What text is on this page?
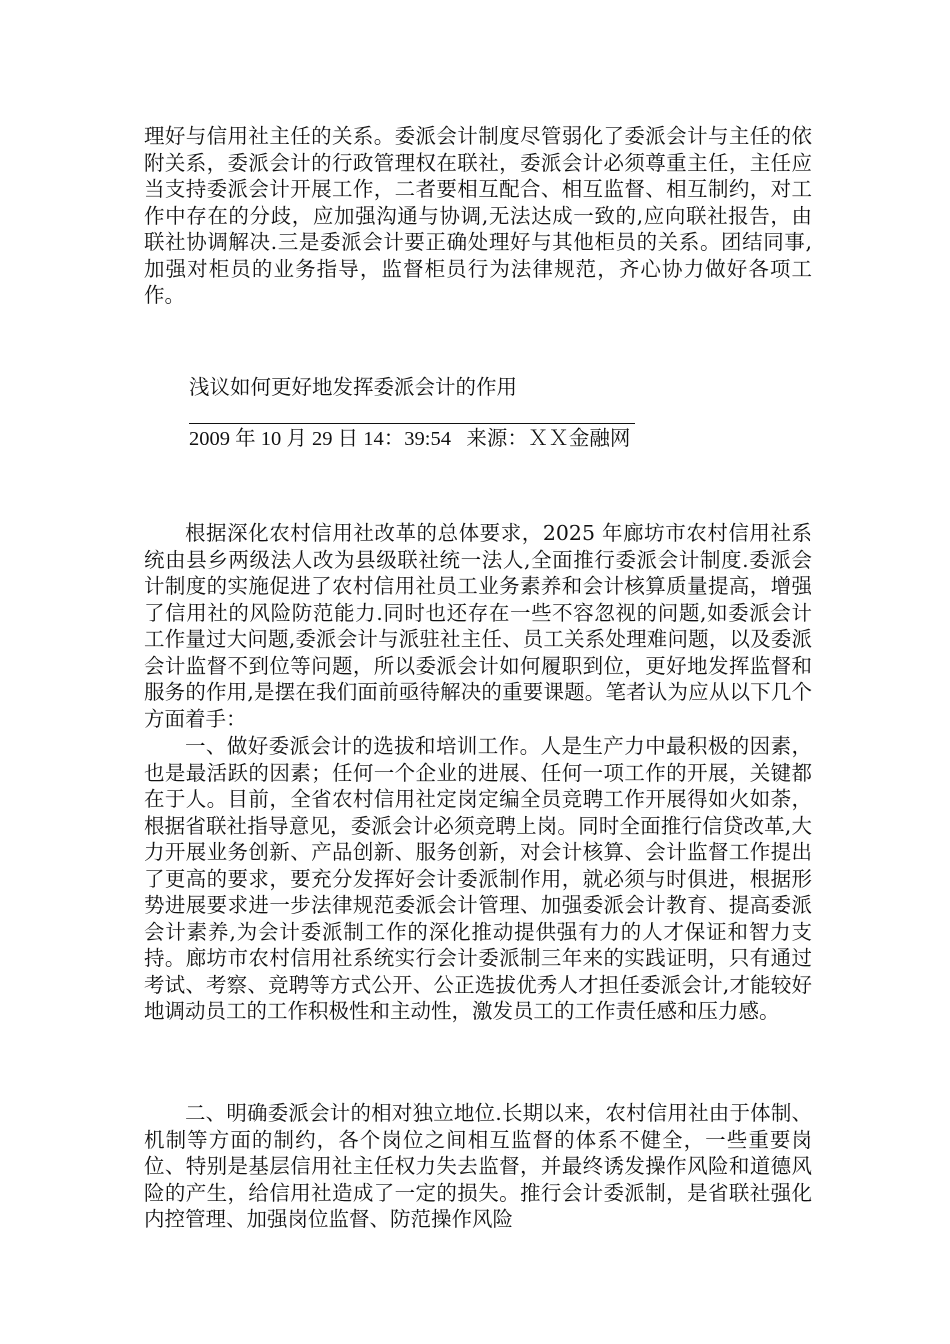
理好与信用社主任的关系。委派会计制度尽管弱化了委派会计与主任的依附关系，委派会计的行政管理权在联社，委派会计必须尊重主任，主任应当支持委派会计开展工作，二者要相互配合、相互监督、相互制约，对工作中存在的分歧，应加强沟通与协调,无法达成一致的,应向联社报告，由联社协调解决.三是委派会计要正确处理好与其他柜员的关系。团结同事,加强对柜员的业务指导，监督柜员行为法律规范，齐心协力做好各项工作。

浅议如何更好地发挥委派会计的作用

2009 年 10 月 29 日 14：39:54 来源：ＸＸ金融网

根据深化农村信用社改革的总体要求，2025 年廊坊市农村信用社系统由县乡两级法人改为县级联社统一法人,全面推行委派会计制度.委派会计制度的实施促进了农村信用社员工业务素养和会计核算质量提高，增强了信用社的风险防范能力.同时也还存在一些不容忽视的问题,如委派会计工作量过大问题,委派会计与派驻社主任、员工关系处理难问题，以及委派会计监督不到位等问题，所以委派会计如何履职到位，更好地发挥监督和服务的作用,是摆在我们面前亟待解决的重要课题。笔者认为应从以下几个方面着手：

一、做好委派会计的选拔和培训工作。人是生产力中最积极的因素，也是最活跃的因素；任何一个企业的进展、任何一项工作的开展，关键都在于人。目前，全省农村信用社定岗定编全员竞聘工作开展得如火如荼，根据省联社指导意见，委派会计必须竞聘上岗。同时全面推行信贷改革,大力开展业务创新、产品创新、服务创新，对会计核算、会计监督工作提出了更高的要求，要充分发挥好会计委派制作用，就必须与时俱进，根据形势进展要求进一步法律规范委派会计管理、加强委派会计教育、提高委派会计素养,为会计委派制工作的深化推动提供强有力的人才保证和智力支持。廊坊市农村信用社系统实行会计委派制三年来的实践证明，只有通过考试、考察、竞聘等方式公开、公正选拔优秀人才担任委派会计,才能较好地调动员工的工作积极性和主动性，激发员工的工作责任感和压力感。

二、明确委派会计的相对独立地位.长期以来，农村信用社由于体制、机制等方面的制约，各个岗位之间相互监督的体系不健全，一些重要岗位、特别是基层信用社主任权力失去监督，并最终诱发操作风险和道德风险的产生，给信用社造成了一定的损失。推行会计委派制，是省联社强化内控管理、加强岗位监督、防范操作风险
